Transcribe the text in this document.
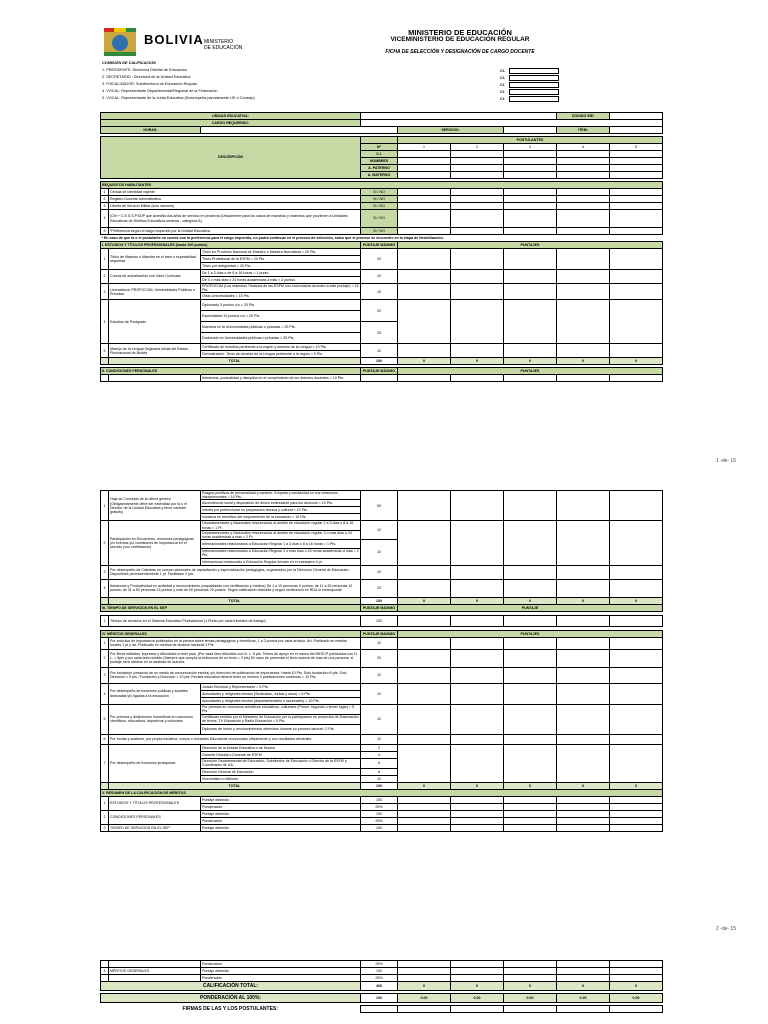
BOLIVIA MINISTERIO
DE EDUCACIÓN
MINISTERIO DE EDUCACIÓN
VICEMINISTERIO DE EDUCACIÓN REGULAR
FICHA DE SELECCIÓN Y DESIGNACIÓN DE CARGO DOCENTE
COMISIÓN DE CALIFICACIÓN
1. PRESIDENTE: Director/a Distrital de Educación
2. SECRETARIO : Director/a de la Unidad Educativa
3. FISCALIZADOR: Subdirector/a de Educación Regular
4. VOCAL: Representante Departamental/Regional de la Federación
5. VOCAL: Representante de la Junta Educativa (Desempeña parcialmente UE o Consejo)
CI.
CI.
CI.
CI.
CI.
UNIDAD EDUCATIVA:							CÓDIGO SIE:	
CARGO REQUERIDO:								
HORAS:				SERVICIO:			ÍTEM:	

DESCRIPCIÓN				POSTULANTES				
			Nº	1	2	3	4	5
			C.I.					
			NOMBRES					
			A. PATERNO					
			A. MATERNO					

REQUISITOS HABILITANTES								
1	Cédula de Identidad vigente		SI / NO					
2	Registro Docente Administrativo		SI / NO					
3	Libreta de Servicio Militar (solo varones)		SI / NO					
4	(Ctrl + C.E.S.S.P.EDP que acredita dos años de servicio en provincia (Únicamente para los casos de maestras y maestros que provienen a Unidades Educativas de Distritos Educativos urbanos - categoría A)		SI / NO					
5	*Preferencia según el cargo requerido por la Unidad Educativa		SI / NO					
* En caso de que la o el postulante no cuente con la preferencia para el cargo requerido, no podrá continuar en el proceso de selección, salvo que el proceso se encuentre en la etapa de flexibilización.								
I. ESTUDIOS Y TÍTULOS PROFESIONALES (hasta 100 puntos)			PUNTAJE MÁXIMO	PUNTAJES				
1	Título de Maestro o Maestra en el área o especialidad requerida	Título en Provisión Nacional de Maestro o Maestra Normalista = 20 Pts.	20					
		Título Profesional de la ESFM = 20 Pts.						
		Título por antigüedad = 20 Pts.						
2	Cursos de actualización con Valor Curricular	De 1 a 3 días o de 8 a 16 horas = 1 punto	10					
		De 3 o más días o 24 horas académicas a más = 2 puntos						
3	Licenciatura: PROFOCOM, Universidades Públicas o Privadas.	PROFOCOM (Los maestros Titulados de las ESFM con Licenciatura acceden a este puntaje) = 15 Pts.	15					
		Otras Universidades = 15 Pts.						
4	Estudios de Postgrado	Diplomado 5 puntos c/u = 20 Pts.	20					
		Especialidad 10 puntos c/u = 20 Pts.						
		Maestría en la Universidades públicas o privadas = 25 Pts.	25					
		Doctorado en Universidades públicas o privadas = 25 Pts.						
5	Manejo de la Lengua Originaria oficial del Estado Plurinacional de Bolivia	Certificado de estudios pertinente a la región y dominio de la Lengua = 10 Pts.	10					
		Demostración: Texto de dominio de la Lengua pertinente a la región = 5 Pts.						
	TOTAL		100	0	0	0	0	0

II. CONDICIONES PERSONALES			PUNTAJE MÁXIMO	PUNTAJES				
		Asistencia, puntualidad y disciplina en el cumplimiento de los deberes docentes = 10 Pts.						
1 -de- 15
1	Hoja de Concepto de la última gestión (Obligatoriamente debe ser extendida por la o el Director de la Unidad Educativa y tener carácter gratuito)	Rasgos positivos de personalidad y carácter, Empatía y cordialidad en sus relaciones interpersonales = 10 Pts.	50					
		Ascendencia moral y disposición de ánimo estimulante para los alumnos = 10 Pts.						
		Interés por perfeccionar su preparación técnica y cultural = 10 Pts.						
		Iniciativa en beneficio del mejoramiento de la educación = 10 Pts.						
2	Participación en Encuentros, reuniones pedagógicas y/o eventos y/o comisiones de importancia en el servicio (con certificación)	Departamentales y Nacionales relacionados al ámbito de educación regular 1 a 3 días o 8 a 16 horas = 1 Pt.	10					
		Departamentales y Nacionales relacionados al ámbito de educación regular 3 o más días o 24 horas académicas a más = 2 Pt.						
		Internacionales relacionados a Educación Regular 1 a 3 días o 8 a 16 horas = 1 Pts.	10					
		Internacionales relacionados a Educación Regular 3 o más días o 24 horas académicas a más = 2 Pts.						
		Internacional relacionado a Educación Regular llevado en el extranjero 4 pt						
3	Por desempeño de Cátedras en cursos nacionales de capacitación y especialización pedagógica, organizados por la Dirección General de Educación. Disponibles permanentemente 1 pt. Facilitador 2 pts.		10					
4	Asistencia y Productividad en actividad y reconocimiento (respaldadas con certificación y mínima) De 1 a 10 personas 5 puntos; de 11 a 30 personas 10 puntos; de 31 a 50 personas 15 puntos y más de 50 personas 20 puntos. Según calificación obtenida y según verificación en RDA si corresponde		20					
	TOTAL		100	0	0	0	0	0
III. TIEMPO DE SERVICIOS EN EL SEP			PUNTAJE MÁXIMO	PUNTAJE				

1	Tiempo de servicios en el Sistema Educativo Plurinacional (1 Punto por cada trimestre de trabajo)		100					

IV. MÉRITOS GENERALES			PUNTAJE MÁXIMO	PUNTAJES				
1	Por artículos de importancia publicados en la prensa sobre temas pedagógicos y científicos, 1 a 3 puntos por cada artículo. Art. Publicado en medios locales 1 pt y art. Publicado en medios de alcance nacional 3 Pts.		10					
2	Por libros editados, impresos y difundidos a nivel país, (Por cada libro difundido con D. L. 5 pts. Textos de apoyo en el marco del MESCP publicados con D. L. = 5pts y por cada texto inédito (Siempre que cumpla la estructura de un texto = 2 pts) En caso de presentar el texto autoría de mas de una persona, el puntaje sera dividido en la cantidad de autores.		20					
3	Por fundación (creación de un medio de comunicación escrita) y/o dirección de publicación de importancia. Hasta 10 Pts. Solo fundación=5 pts; Solo Dirección = 5 pts.; Fundación y Dirección = 10 pts. Revista educativa deberá tener un mínimo 3 publicaciones continuas = 10 Pts.		10					
4	Por desempeño de funciones públicas y sociales dedicadas y/o ligadas a la educación	Jurado Electoral y Representante = 5 Pts.	10					
		Autoridades y dirigentes electos (Sindicatos, Juntas y otros) = 5 Pts.						
		Autoridades y dirigentes electos (departamentales o nacionales) = 10 Pts.						
5	Por premios y distinciones honoríficas en concursos científicos, educativos, deportivos y culturales	Por premios en concursos científicos educativos, culturales (Primer, segundo o tercer lugar) = 5 Pts.	10					
		Certificado emitido por el Ministerio de Educación por la participación en proyectos de Elaboración de textos, TV Educación y Radio Educación = 5 Pts.						
		Diplomas de honor y reconocimientos obtenidos durante su proceso laboral= 2 Pts.						
6	Por fundar y sostener, por propia iniciativa, cursos o Unidades Educativas reconocidas oficialmente y con resultados eficientes		10					
7	Por desempeño de funciones jerárquicas	Dirección de la Unidad Educativa o de Núcleo	2					
		Docente Distrital o Docente de ESFM	4					
		Dirección Departamental de Educación, Subdirector de Educación o Director de la ESFM y Coordinador de UA.	6					
		Dirección General de Educación	8					
		Viceministro o Ministro	10					
	TOTAL		100	0	0	0	0	0
V. RESUMEN DE LA CALIFICACIÓN DE MÉRITOS								
1	ESTUDIOS Y TÍTULOS PROFESIONALES	Puntaje obtenido	100					
		Ponderación	25%					
2	CONDICIONES PERSONALES	Puntaje obtenido	100					
		Ponderación	25%					
3	TIEMPO DE SERVICIOS EN EL SEP	Puntaje obtenido	100					
2 -de- 15
		Ponderación	25%					
4	MÉRITOS GENERALES	Puntaje obtenido	100					
		Ponderación	25%					
CALIFICACIÓN TOTAL:			400	0	0	0	0	0

PONDERACIÓN AL 100%:			100	0.00	0.00	0.00	0.00	0.00

FIRMAS DE LAS Y LOS POSTULANTES:								
